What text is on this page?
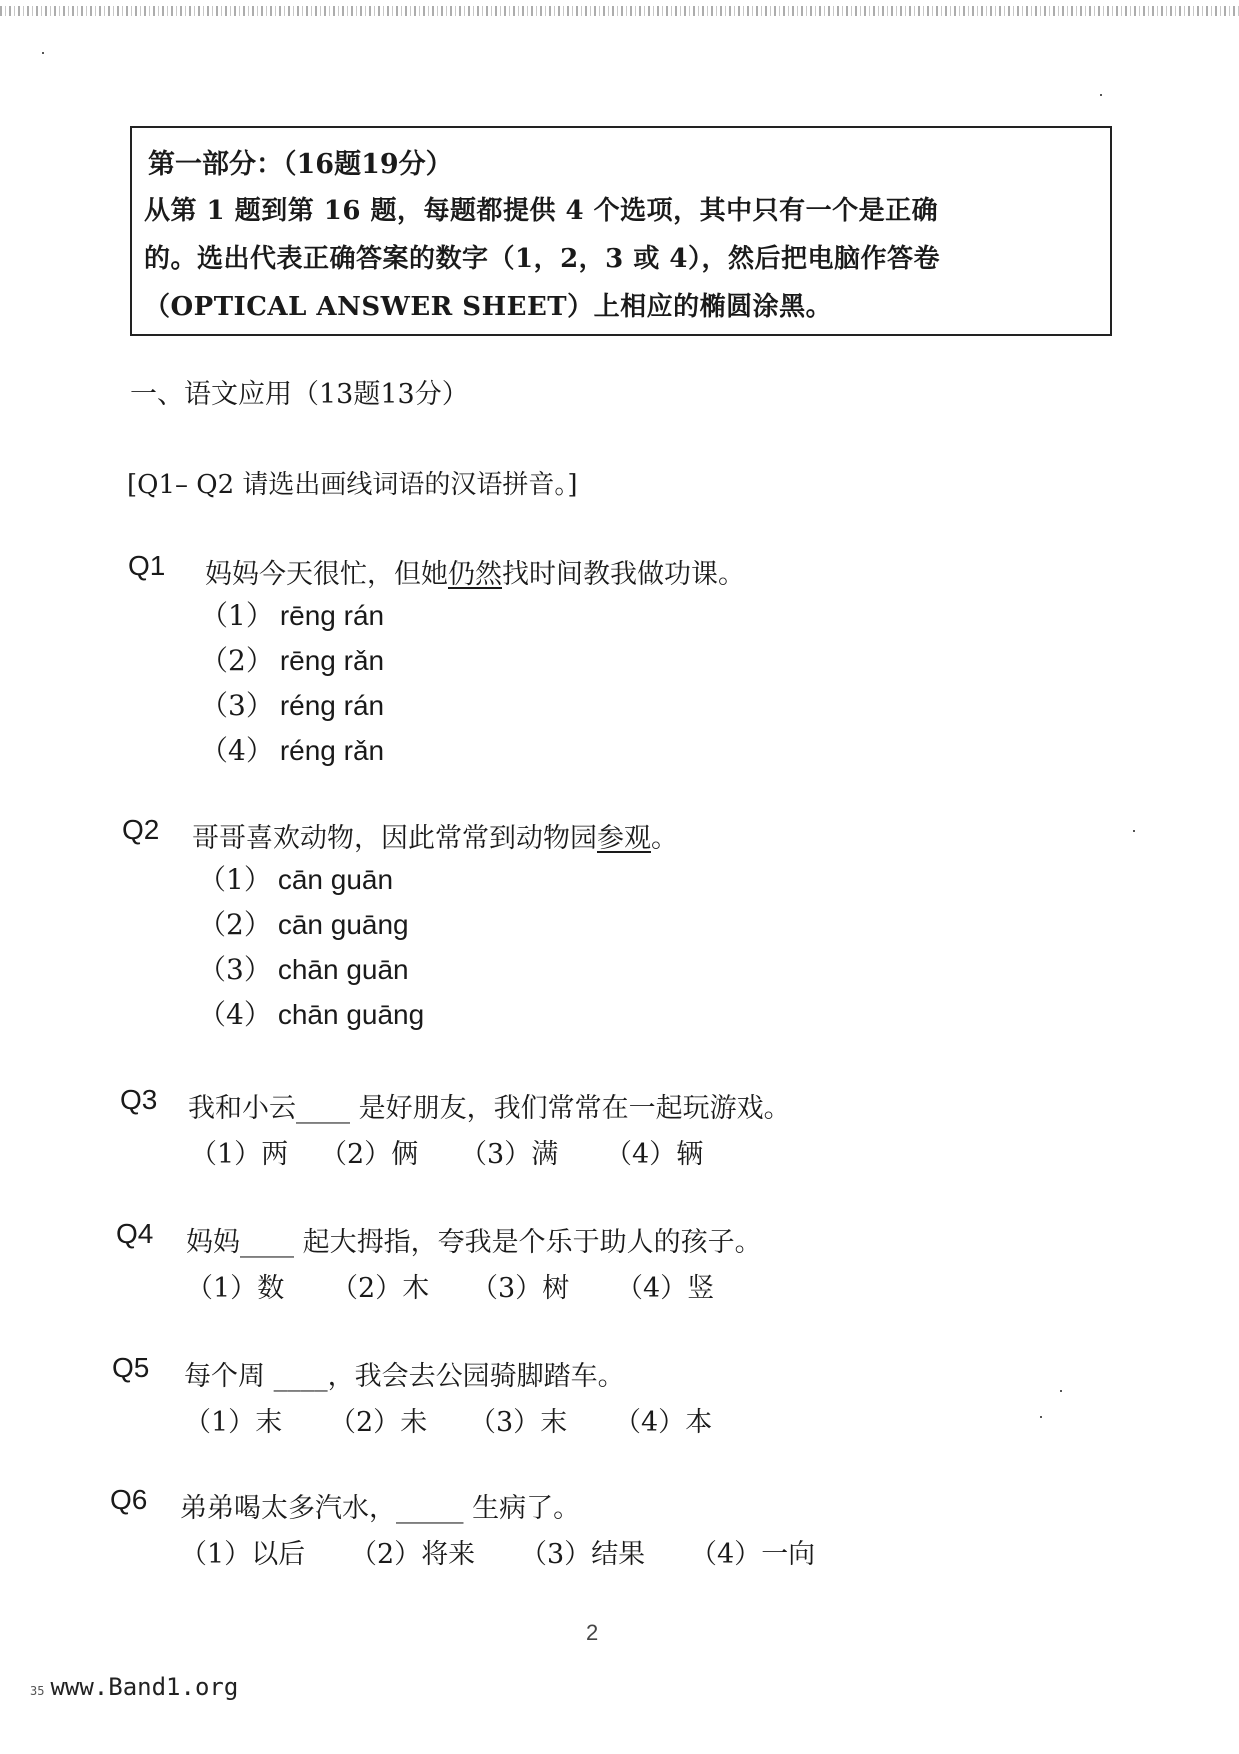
第一部分：（16题19分）
从第 1 题到第 16 题，每题都提供 4 个选项，其中只有一个是正确
的。选出代表正确答案的数字（1，2，3 或 4），然后把电脑作答卷
（OPTICAL ANSWER SHEET）上相应的椭圆涂黑。
一、语文应用（13题13分）
[Q1– Q2 请选出画线词语的汉语拼音。]
Q1 妈妈今天很忙，但她仍然找时间教我做功课。
（1） rēng rán
（2） rēng rǎn
（3） réng rán
（4） réng rǎn
Q2 哥哥喜欢动物，因此常常到动物园参观。
（1） cān guān
（2） cān guāng
（3） chān guān
（4） chān guāng
Q3 我和小云____ 是好朋友，我们常常在一起玩游戏。
（1）两 （2）俩 （3）满 （4）辆
Q4 妈妈____ 起大拇指，夸我是个乐于助人的孩子。
（1）数 （2）木 （3）树 （4）竖
Q5 每个周 ____，我会去公园骑脚踏车。
（1）末 （2）未 （3）末 （4）本
Q6 弟弟喝太多汽水，_____ 生病了。
（1）以后 （2）将来 （3）结果 （4）一向
2
35 www.Band1.org
